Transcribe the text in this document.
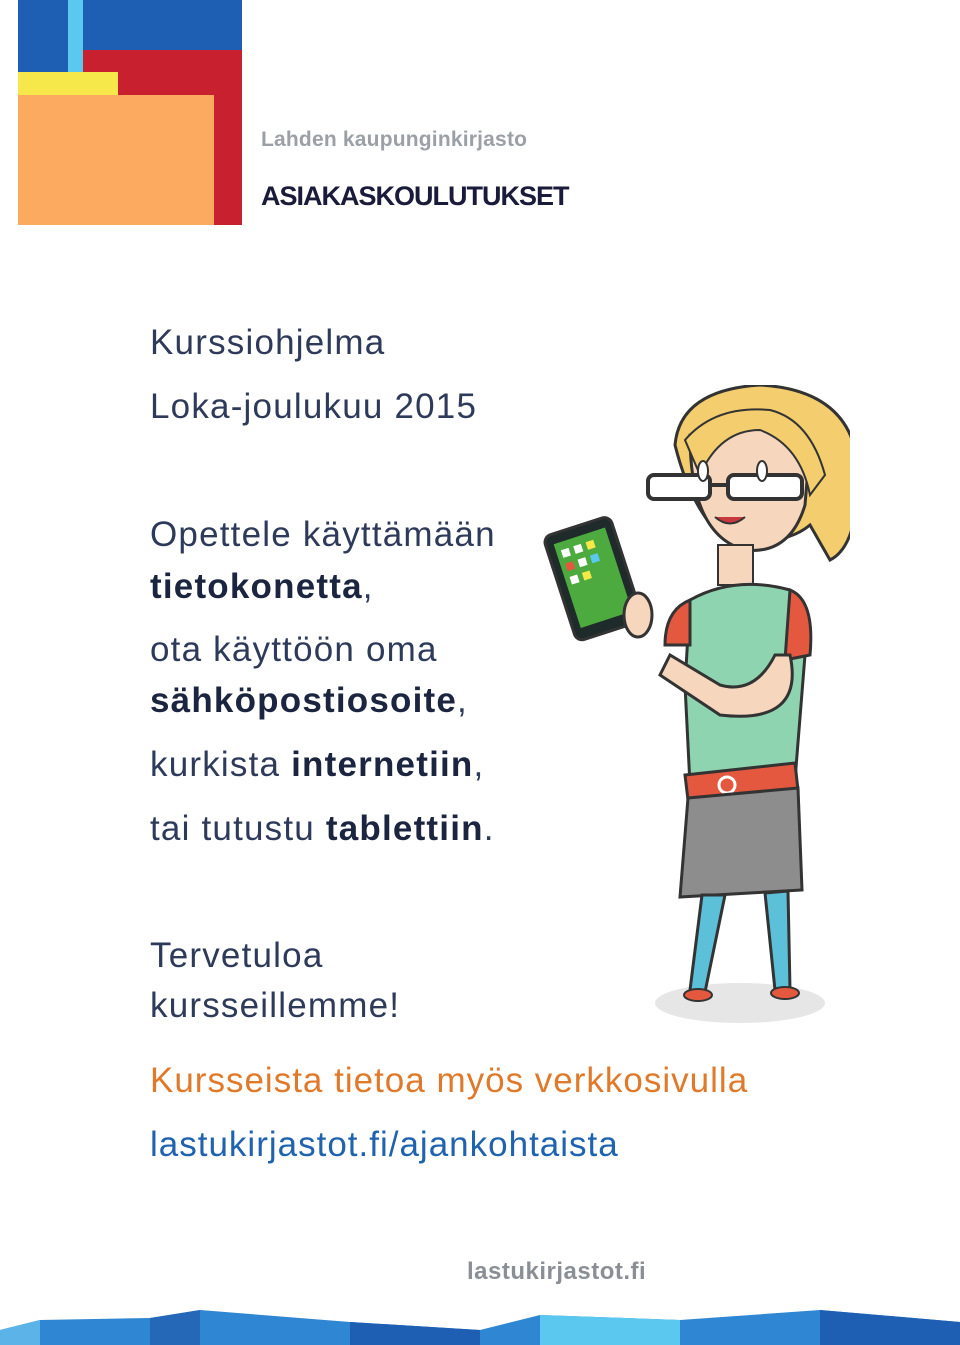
Lahden kaupunginkirjasto
ASIAKASKOULUTUKSET
Kurssiohjelma
Loka-joulukuu 2015
Opettele käyttämään
tietokonetta,
ota käyttöön oma
sähköpostiosoite,
kurkista internetiin,
tai tutustu tablettiin.
Tervetuloa
kursseillemme!
Kursseista tietoa myös verkkosivulla
lastukirjastot.fi/ajankohtaista
lastukirjastot.fi
